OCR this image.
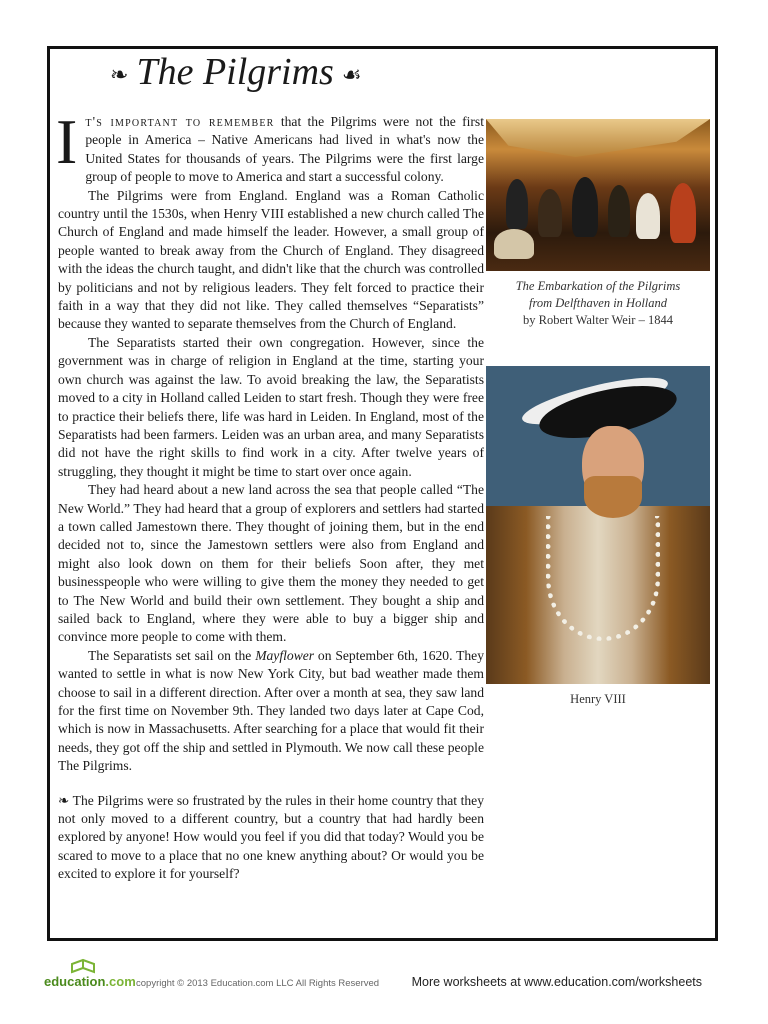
❧ The Pilgrims ☙

It's important to remember that the Pilgrims were not the first people in America – Native Americans had lived in what's now the United States for thousands of years. The Pilgrims were the first large group of people to move to America and start a successful colony.

The Pilgrims were from England. England was a Roman Catholic country until the 1530s, when Henry VIII established a new church called The Church of England and made himself the leader. However, a small group of people wanted to break away from the Church of England. They disagreed with the ideas the church taught, and didn't like that the church was controlled by politicians and not by religious leaders. They felt forced to practice their faith in a way that they did not like. They called themselves “Separatists” because they wanted to separate themselves from the Church of England.

The Separatists started their own congregation. However, since the government was in charge of religion in England at the time, starting your own church was against the law. To avoid breaking the law, the Separatists moved to a city in Holland called Leiden to start fresh. Though they were free to practice their beliefs there, life was hard in Leiden. In England, most of the Separatists had been farmers. Leiden was an urban area, and many Separatists did not have the right skills to find work in a city. After twelve years of struggling, they thought it might be time to start over once again.

They had heard about a new land across the sea that people called “The New World.” They had heard that a group of explorers and settlers had started a town called Jamestown there. They thought of joining them, but in the end decided not to, since the Jamestown settlers were also from England and might also look down on them for their beliefs Soon after, they met businesspeople who were willing to give them the money they needed to get to The New World and build their own settlement. They bought a ship and sailed back to England, where they were able to buy a bigger ship and convince more people to come with them.

The Separatists set sail on the Mayflower on September 6th, 1620. They wanted to settle in what is now New York City, but bad weather made them choose to sail in a different direction. After over a month at sea, they saw land for the first time on November 9th. They landed two days later at Cape Cod, which is now in Massachusetts. After searching for a place that would fit their needs, they got off the ship and settled in Plymouth. We now call these people The Pilgrims.

❧ The Pilgrims were so frustrated by the rules in their home country that they not only moved to a different country, but a country that had hardly been explored by anyone! How would you feel if you did that today? Would you be scared to move to a place that no one knew anything about? Or would you be excited to explore it for yourself?

The Embarkation of the Pilgrims
from Delfthaven in Holland
by Robert Walter Weir – 1844
Henry VIII
education.com copyright © 2013 Education.com LLC All Rights Reserved	More worksheets at www.education.com/worksheets
